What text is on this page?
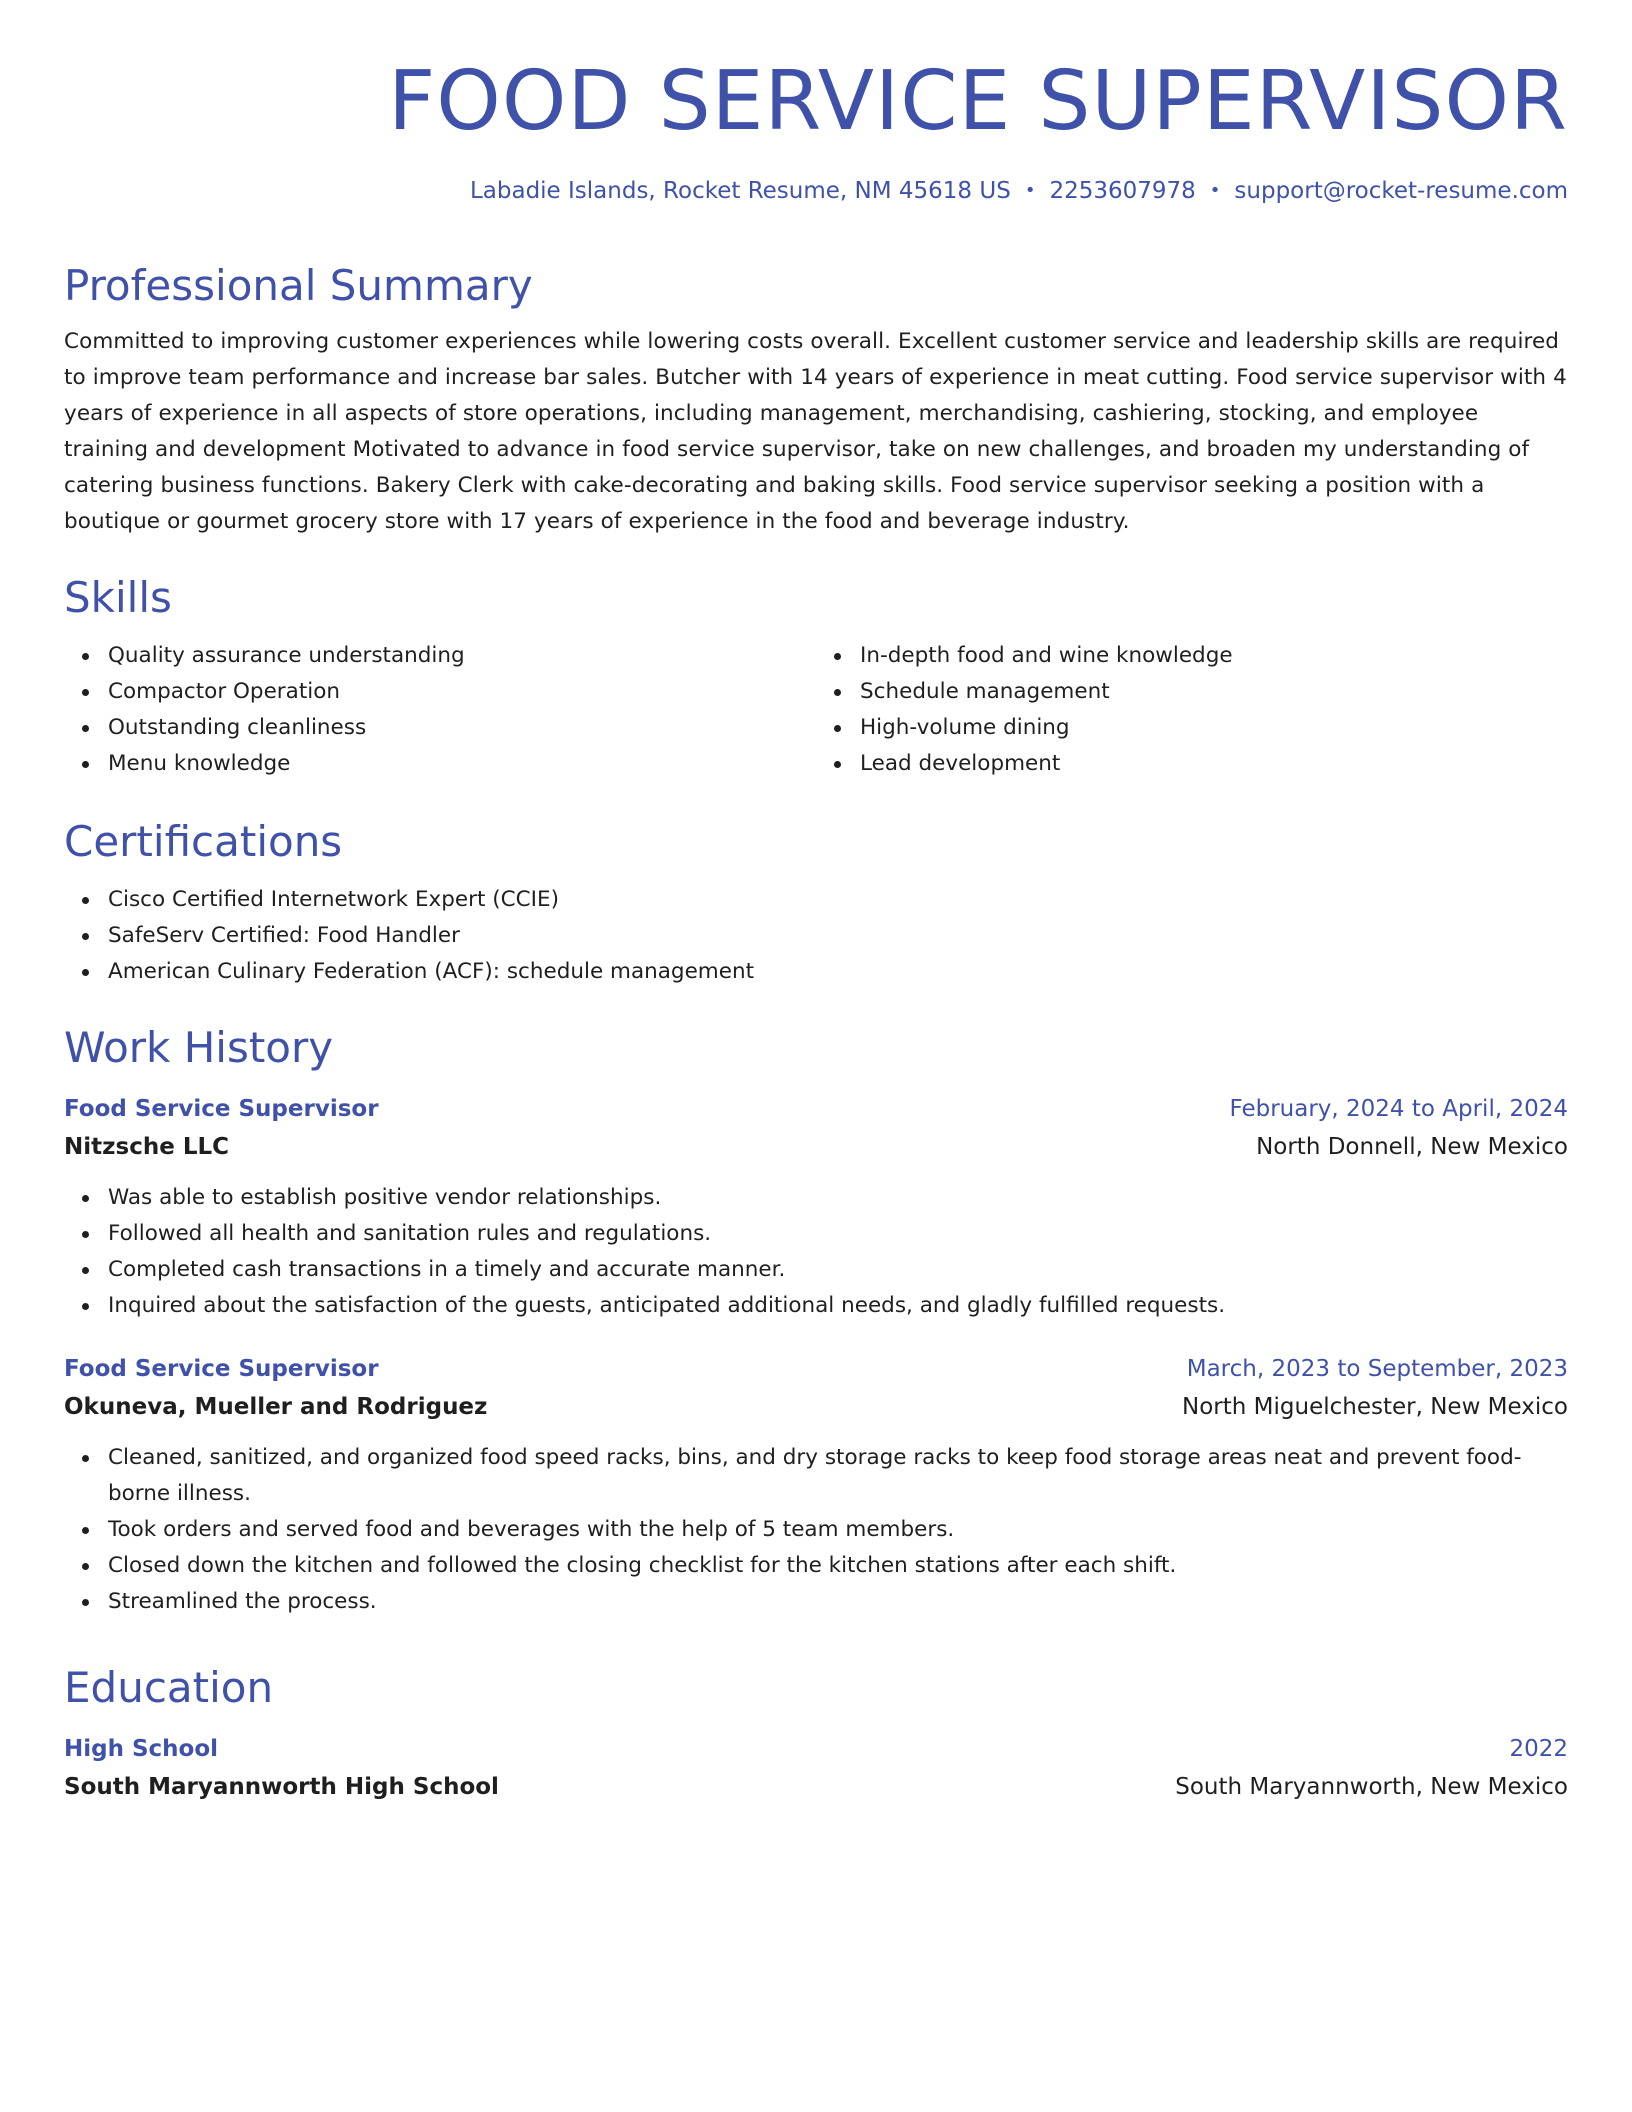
FOOD SERVICE SUPERVISOR
Labadie Islands, Rocket Resume, NM 45618 US • 2253607978 • support@rocket-resume.com
Professional Summary

Committed to improving customer experiences while lowering costs overall. Excellent customer service and leadership skills are required to improve team performance and increase bar sales. Butcher with 14 years of experience in meat cutting. Food service supervisor with 4 years of experience in all aspects of store operations, including management, merchandising, cashiering, stocking, and employee training and development Motivated to advance in food service supervisor, take on new challenges, and broaden my understanding of catering business functions. Bakery Clerk with cake-decorating and baking skills. Food service supervisor seeking a position with a boutique or gourmet grocery store with 17 years of experience in the food and beverage industry.

Skills
Quality assurance understanding
Compactor Operation
Outstanding cleanliness
Menu knowledge
In-depth food and wine knowledge
Schedule management
High-volume dining
Lead development
Certifications
Cisco Certified Internetwork Expert (CCIE)
SafeServ Certified: Food Handler
American Culinary Federation (ACF): schedule management
Work History
Food Service Supervisor	February, 2024 to April, 2024
Nitzsche LLC	North Donnell, New Mexico
Was able to establish positive vendor relationships.
Followed all health and sanitation rules and regulations.
Completed cash transactions in a timely and accurate manner.
Inquired about the satisfaction of the guests, anticipated additional needs, and gladly fulfilled requests.
Food Service Supervisor	March, 2023 to September, 2023
Okuneva, Mueller and Rodriguez	North Miguelchester, New Mexico
Cleaned, sanitized, and organized food speed racks, bins, and dry storage racks to keep food storage areas neat and prevent food-borne illness.
Took orders and served food and beverages with the help of 5 team members.
Closed down the kitchen and followed the closing checklist for the kitchen stations after each shift.
Streamlined the process.
Education
High School	2022
South Maryannworth High School	South Maryannworth, New Mexico
